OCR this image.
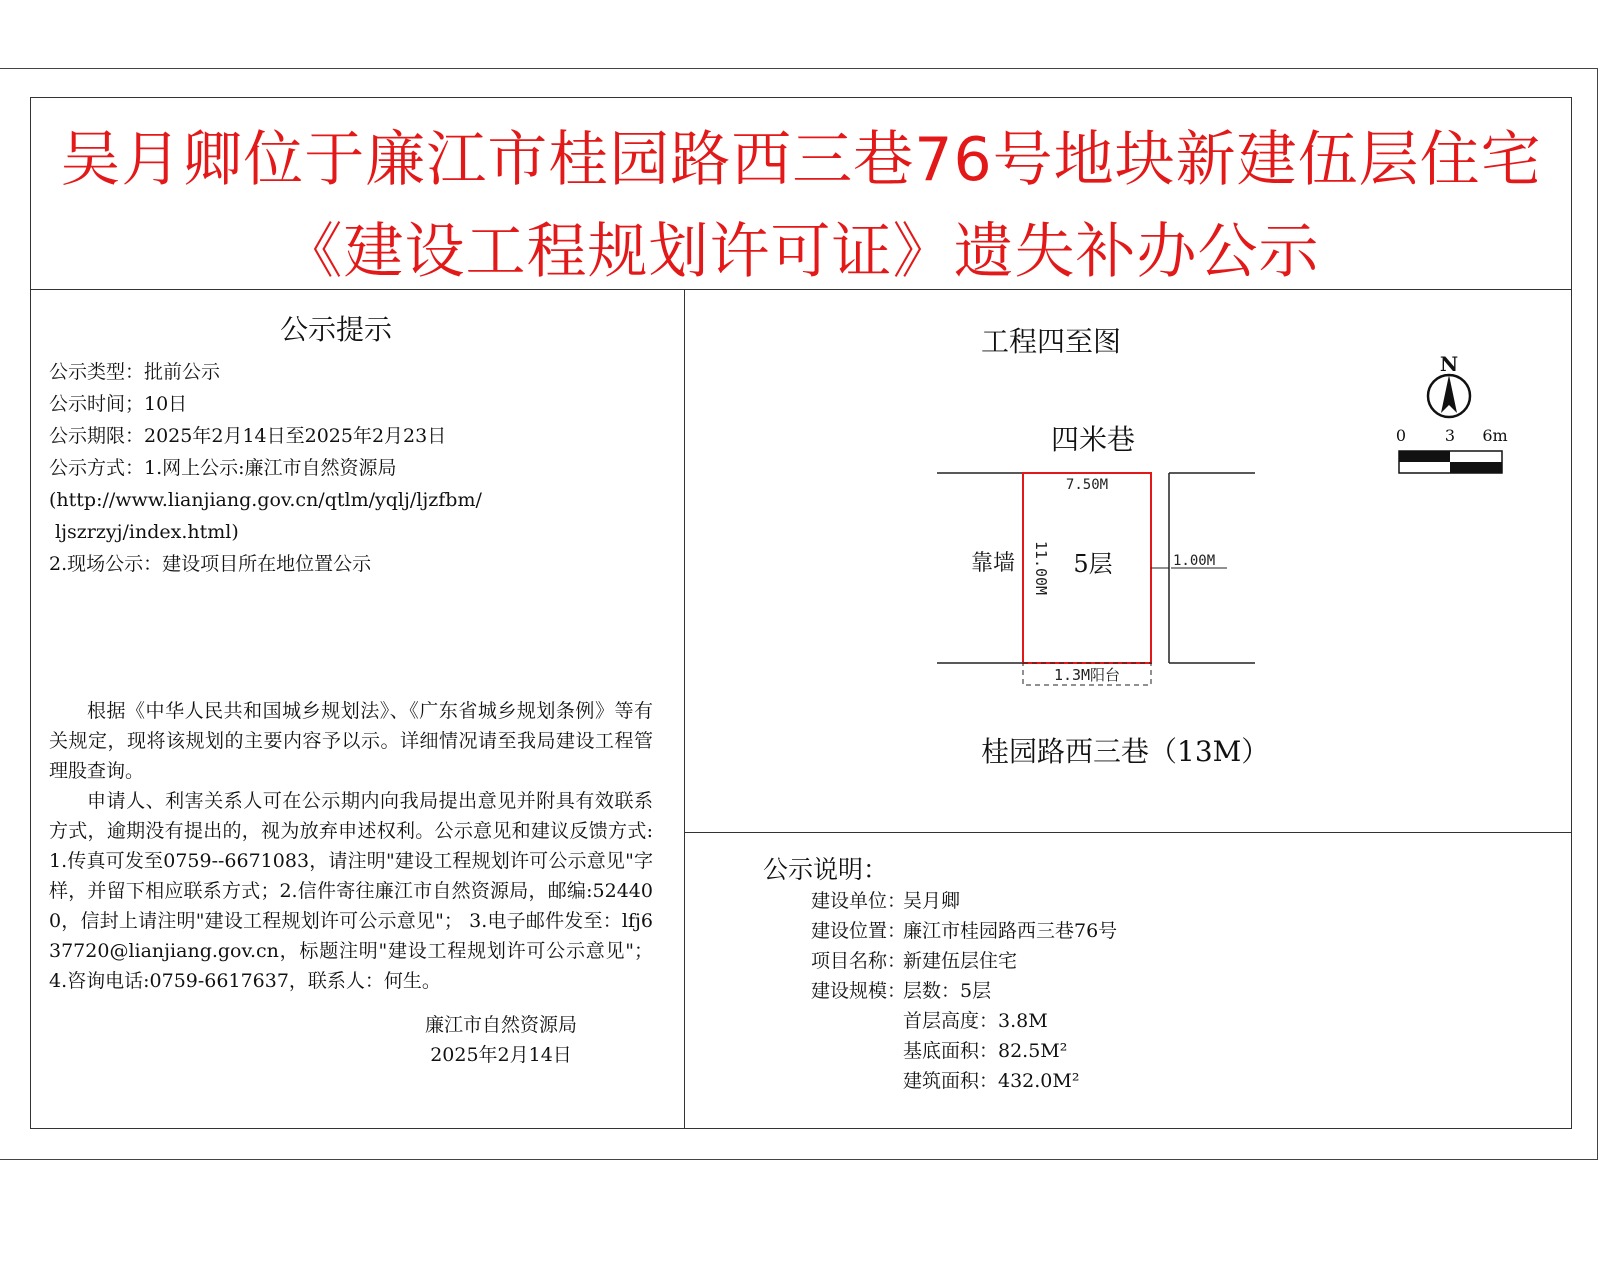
吴月卿位于廉江市桂园路西三巷76号地块新建伍层住宅
《建设工程规划许可证》遗失补办公示
公示提示
公示类型：批前公示
公示时间；10日
公示期限：2025年2月14日至2025年2月23日
公示方式：1.网上公示:廉江市自然资源局
(http://www.lianjiang.gov.cn/qtlm/yqlj/ljzfbm/
ljszrzyj/index.html)
2.现场公示：建设项目所在地位置公示

根据《中华人民共和国城乡规划法》、《广东省城乡规划条例》等有关规定，现将该规划的主要内容予以示。详细情况请至我局建设工程管理股查询。

申请人、利害关系人可在公示期内向我局提出意见并附具有效联系方式，逾期没有提出的，视为放弃申述权利。公示意见和建议反馈方式:1.传真可发至0759--6671083，请注明"建设工程规划许可公示意见"字样，并留下相应联系方式；2.信件寄往廉江市自然资源局，邮编:524400，信封上请注明"建设工程规划许可公示意见"； 3.电子邮件发至：lfj637720@lianjiang.gov.cn，标题注明"建设工程规划许可公示意见"；4.咨询电话:0759-6617637，联系人：何生。

廉江市自然资源局
2025年2月14日
工程四至图
四米巷
桂园路西三巷（13M）
7.50M
1.00M
1.3M阳台
11.00M 5层
靠墙
N
0 3 6m
公示说明：
建设单位：吴月卿
建设位置：廉江市桂园路西三巷76号
项目名称：新建伍层住宅
建设规模：层数：5层
首层高度：3.8M
基底面积：82.5M²
建筑面积：432.0M²
